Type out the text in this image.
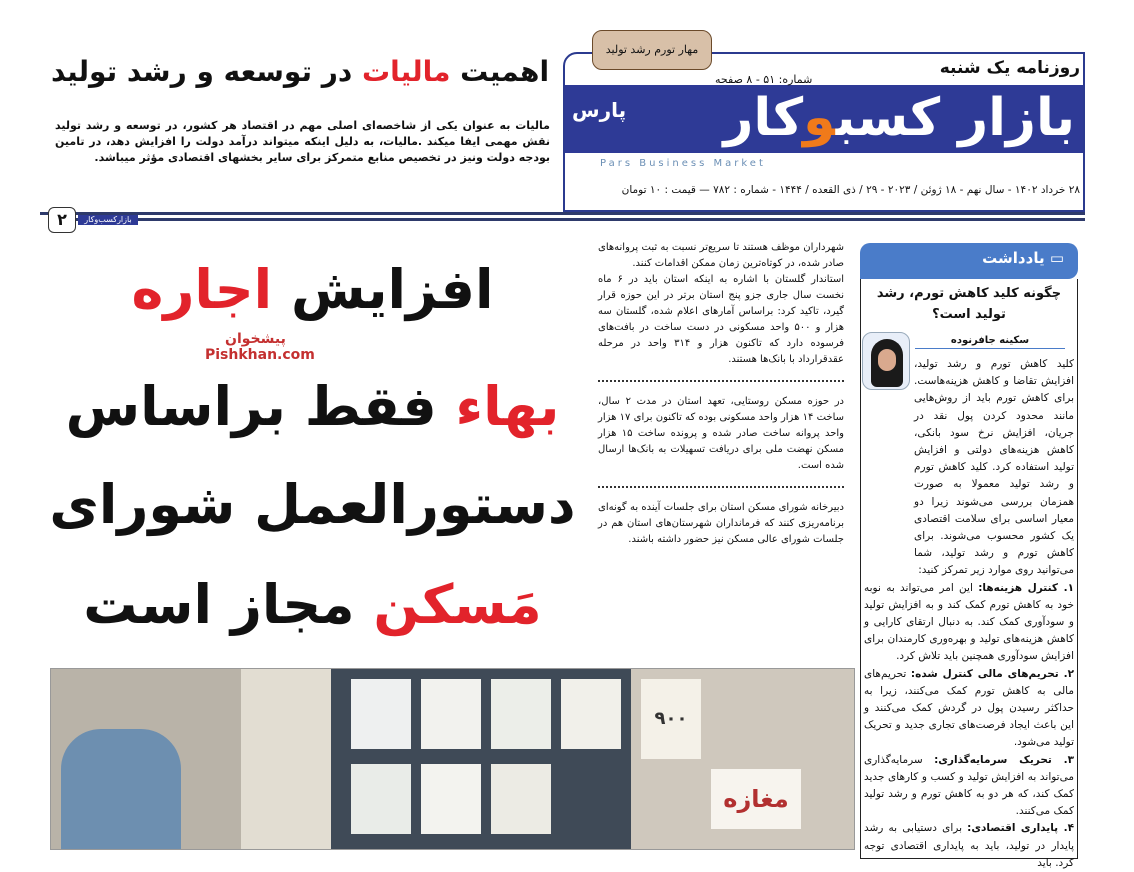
مهار تورم رشد تولید
روزنامه یک شنبه
شماره: ۵۱ - ۸ صفحه
بازار کسبوکار
پارس
Pars Business Market
۲۸ خرداد ۱۴۰۲ - سال نهم - ۱۸ ژوئن / ۲۰۲۳ - ۲۹ / ذی القعده / ۱۴۴۴ - شماره : ۷۸۲ — قیمت : ۱۰ تومان
اهمیت مالیات در توسعه و رشد تولید
مالیات به عنوان یکی از شاخصه‌ای اصلی مهم در اقتصاد هر کشور، در توسعه و رشد تولید نقش مهمی ایفا میکند .مالیات، به دلیل اینکه میتواند درآمد دولت را افزایش دهد، در تامین بودجه دولت ونیز در تخصیص منابع متمرکز برای سایر بخشهای اقتصادی مؤثر میباشد.
۲	بازارکسب‌وکار
افزایش اجاره
بهاء فقط براساس
دستورالعمل شورای
مَسکن مجاز است
پیشخوان
Pishkhan.com
شهرداران موظف هستند تا سریع‌تر نسبت به ثبت پروانه‌های صادر شده، در کوتاه‌ترین زمان ممکن اقدامات کنند.
استاندار گلستان با اشاره به اینکه استان باید در ۶ ماه نخست سال جاری جزو پنج استان برتر در این حوزه قرار گیرد، تاکید کرد: براساس آمارهای اعلام شده، گلستان سه هزار و ۵۰۰ واحد مسکونی در دست ساخت در بافت‌های فرسوده دارد که تاکنون هزار و ۳۱۴ واحد در مرحله عقدقرارداد با بانک‌ها هستند.
در حوزه مسکن روستایی، تعهد استان در مدت ۲ سال، ساخت ۱۴ هزار واحد مسکونی بوده که تاکنون برای ۱۷ هزار واحد پروانه ساخت صادر شده و پرونده ساخت ۱۵ هزار مسکن نهضت ملی برای دریافت تسهیلات به بانک‌ها ارسال شده است.
دبیرخانه شورای مسکن استان برای جلسات آینده به گونه‌ای برنامه‌ریزی کنند که فرمانداران شهرستان‌های استان هم در جلسات شورای عالی مسکن نیز حضور داشته باشند.
▭ یادداشت
چگونه کلید کاهش تورم، رشد تولید است؟
سکینه جافرنوده
کلید کاهش تورم و رشد تولید، افزایش تقاضا و کاهش هزینه‌هاست. برای کاهش تورم باید از روش‌هایی مانند محدود کردن پول نقد در جریان، افزایش نرخ سود بانکی، کاهش هزینه‌های دولتی و افزایش تولید استفاده کرد. کلید کاهش تورم و رشد تولید معمولا به صورت همزمان بررسی می‌شوند زیرا دو معیار اساسی برای سلامت اقتصادی یک کشور محسوب می‌شوند. برای کاهش تورم و رشد تولید، شما می‌توانید روی موارد زیر تمرکز کنید:
۱. کنترل هزینه‌ها: این امر می‌تواند به نوبه خود به کاهش تورم کمک کند و به افزایش تولید و سودآوری کمک کند. به دنبال ارتقای کارایی و کاهش هزینه‌های تولید و بهره‌وری کارمندان برای افزایش سودآوری همچنین باید تلاش کرد.
۲. تحریم‌های مالی کنترل شده: تحریم‌های مالی به کاهش تورم کمک می‌کنند، زیرا به حداکثر رسیدن پول در گردش کمک می‌کنند و این باعث ایجاد فرصت‌های تجاری جدید و تحریک تولید می‌شود.
۳. تحریک سرمایه‌گذاری: سرمایه‌گذاری می‌تواند به افزایش تولید و کسب و کارهای جدید کمک کند، که هر دو به کاهش تورم و رشد تولید کمک می‌کنند.
۴. پایداری اقتصادی: برای دستیابی به رشد پایدار در تولید، باید به پایداری اقتصادی توجه کرد. باید
۹۰۰
مغازه
